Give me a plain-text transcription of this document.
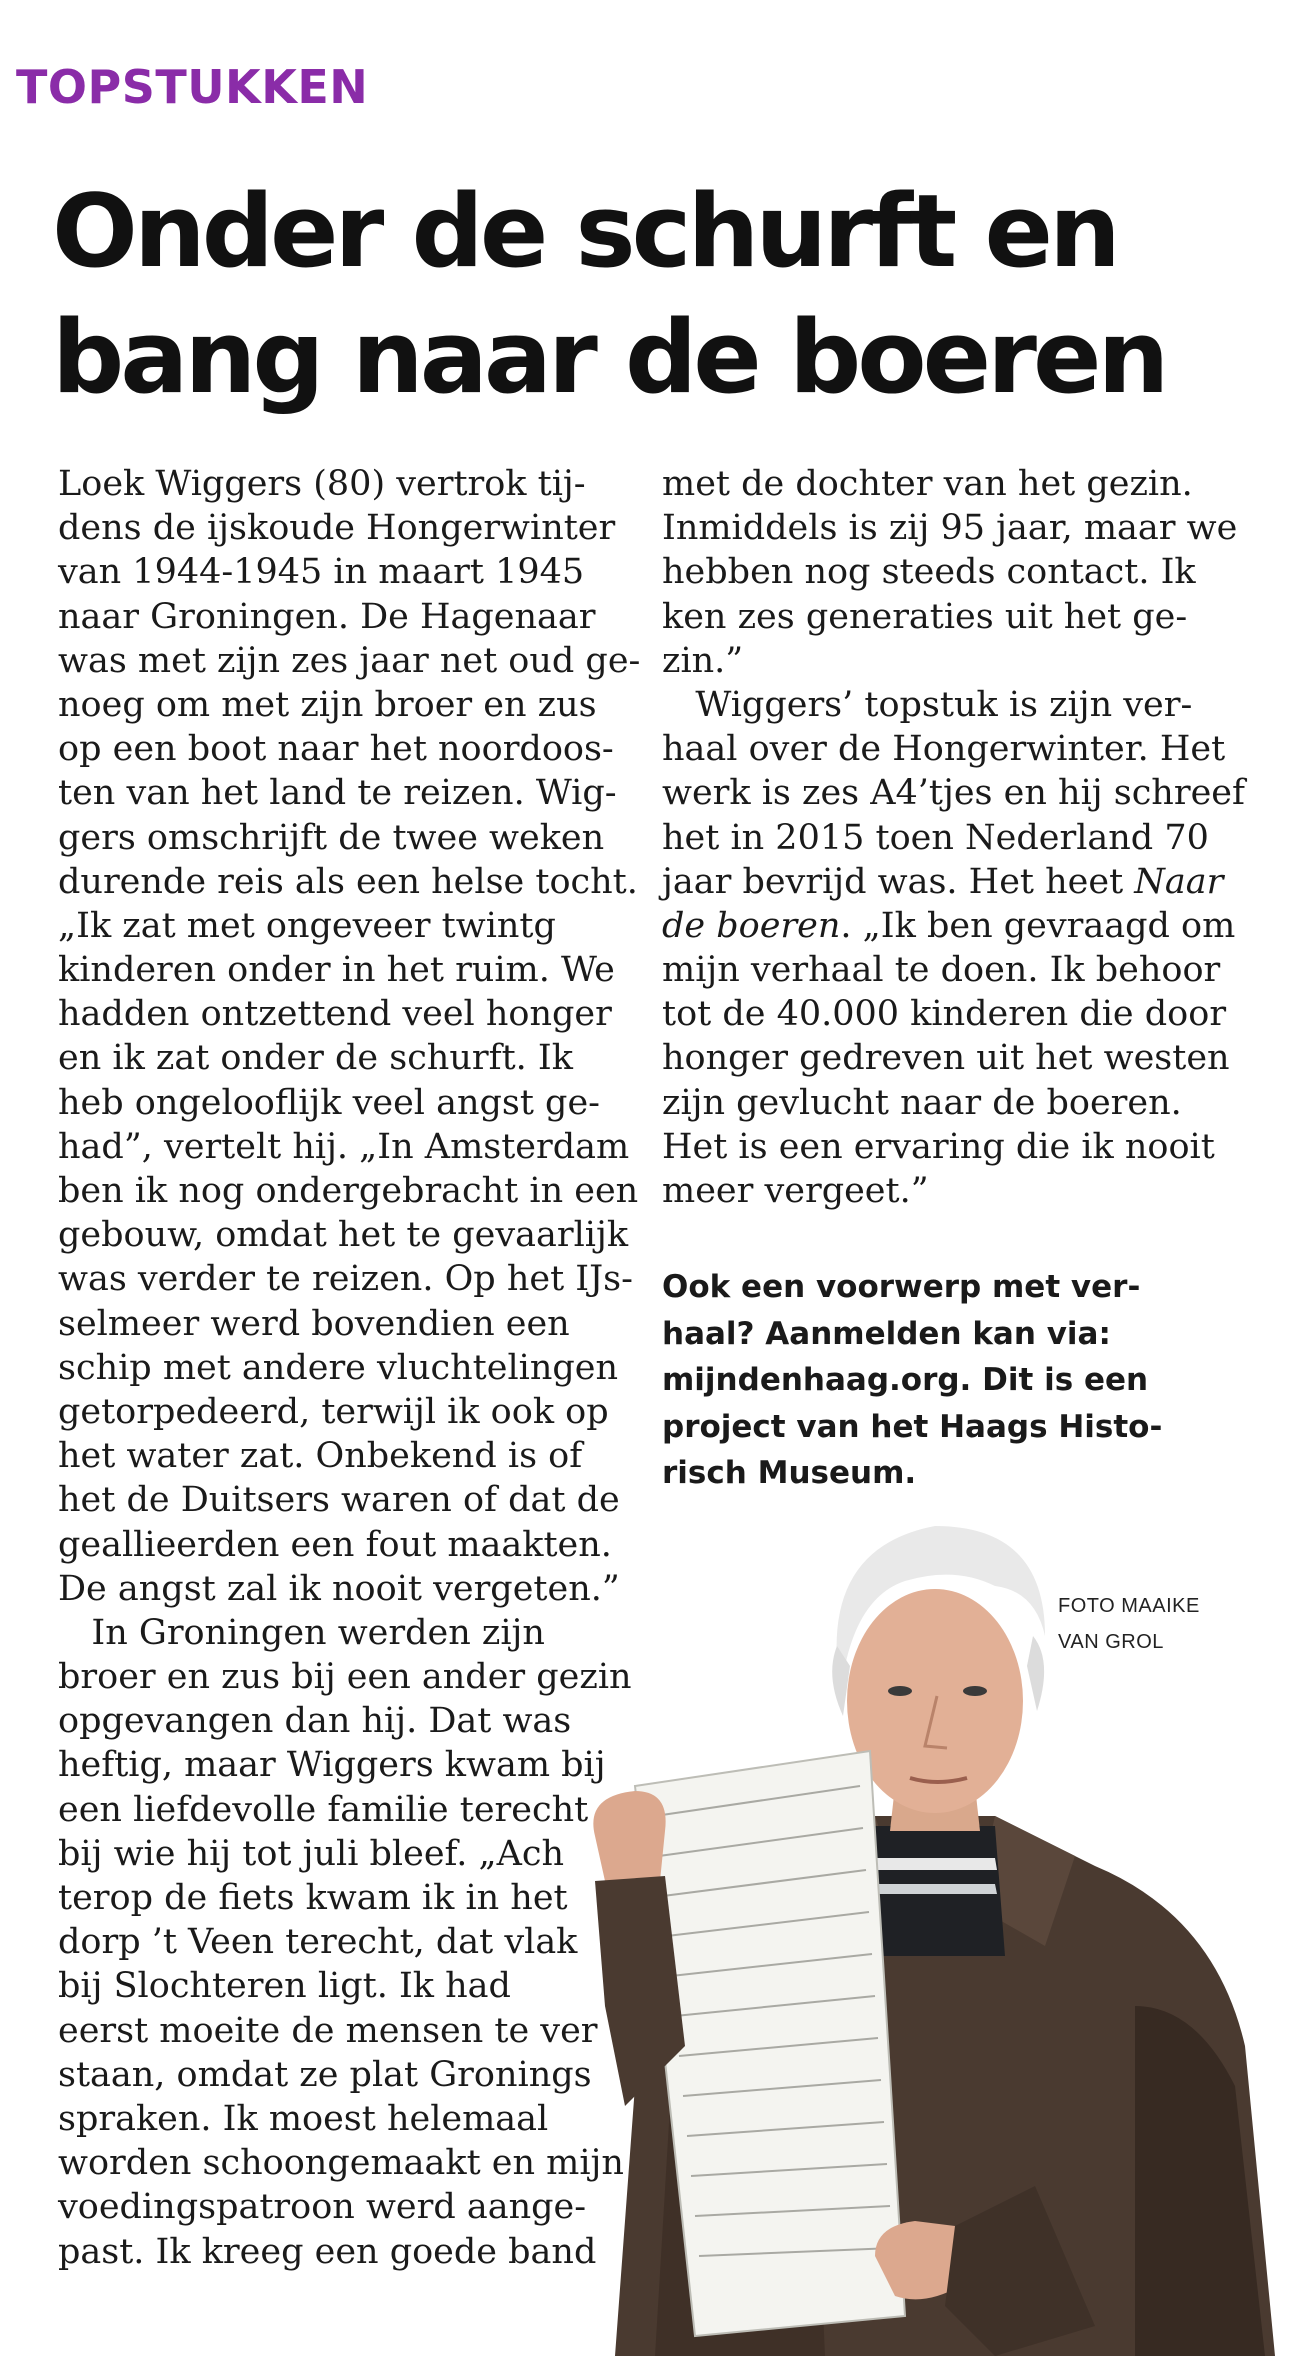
TOPSTUKKEN
Onder de schurft en
bang naar de boeren
Loek Wiggers (80) vertrok tij-
dens de ijskoude Hongerwinter
van 1944-1945 in maart 1945
naar Groningen. De Hagenaar
was met zijn zes jaar net oud ge-
noeg om met zijn broer en zus
op een boot naar het noordoos-
ten van het land te reizen. Wig-
gers omschrijft de twee weken
durende reis als een helse tocht.
„Ik zat met ongeveer twintg
kinderen onder in het ruim. We
hadden ontzettend veel honger
en ik zat onder de schurft. Ik
heb ongelooflijk veel angst ge-
had”, vertelt hij. „In Amsterdam
ben ik nog ondergebracht in een
gebouw, omdat het te gevaarlijk
was verder te reizen. Op het IJs-
selmeer werd bovendien een
schip met andere vluchtelingen
getorpedeerd, terwijl ik ook op
het water zat. Onbekend is of
het de Duitsers waren of dat de
geallieerden een fout maakten.
De angst zal ik nooit vergeten.”
In Groningen werden zijn
broer en zus bij een ander gezin
opgevangen dan hij. Dat was
heftig, maar Wiggers kwam bij
een liefdevolle familie terecht
bij wie hij tot juli bleef. „Ach
terop de fiets kwam ik in het
dorp ’t Veen terecht, dat vlak
bij Slochteren ligt. Ik had
eerst moeite de mensen te ver
staan, omdat ze plat Gronings
spraken. Ik moest helemaal
worden schoongemaakt en mijn
voedingspatroon werd aange-
past. Ik kreeg een goede band
met de dochter van het gezin.
Inmiddels is zij 95 jaar, maar we
hebben nog steeds contact. Ik
ken zes generaties uit het ge-
zin.”
Wiggers’ topstuk is zijn ver-
haal over de Hongerwinter. Het
werk is zes A4’tjes en hij schreef
het in 2015 toen Nederland 70
jaar bevrijd was. Het heet Naar
de boeren. „Ik ben gevraagd om
mijn verhaal te doen. Ik behoor
tot de 40.000 kinderen die door
honger gedreven uit het westen
zijn gevlucht naar de boeren.
Het is een ervaring die ik nooit
meer vergeet.”
Ook een voorwerp met ver-
haal? Aanmelden kan via:
mijndenhaag.org. Dit is een
project van het Haags Histo-
risch Museum.
FOTO MAAIKE
VAN GROL
